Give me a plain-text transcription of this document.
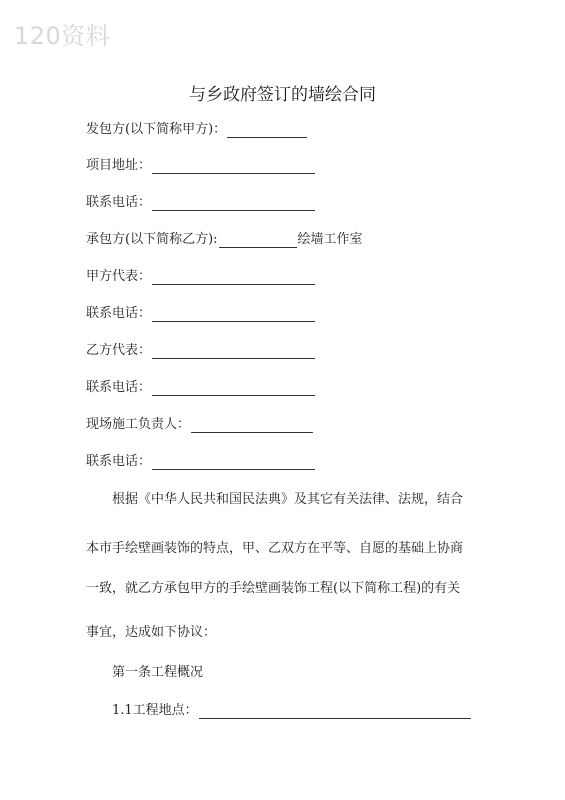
120资料
与乡政府签订的墙绘合同
发包方(以下简称甲方)：
项目地址：
联系电话：
承包方(以下简称乙方):	绘墙工作室
甲方代表：
联系电话：
乙方代表：
联系电话：
现场施工负责人：
联系电话：
根据《中华人民共和国民法典》及其它有关法律、法规，结合
本市手绘壁画装饰的特点，甲、乙双方在平等、自愿的基础上协商
一致，就乙方承包甲方的手绘壁画装饰工程(以下简称工程)的有关
事宜，达成如下协议：
第一条工程概况
1.1工程地点：
